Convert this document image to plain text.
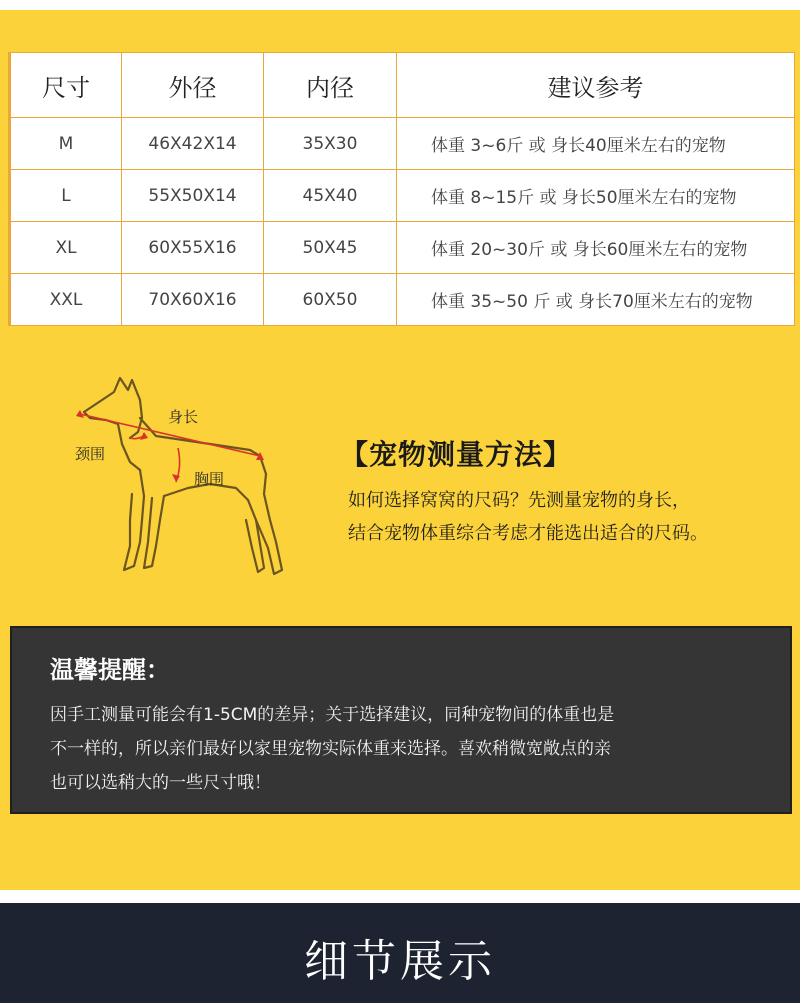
尺寸	外径	内径	建议参考
M	46X42X14	35X30	体重 3~6斤 或 身长40厘米左右的宠物
L	55X50X14	45X40	体重 8~15斤 或 身长50厘米左右的宠物
XL	60X55X16	50X45	体重 20~30斤 或 身长60厘米左右的宠物
XXL	70X60X16	60X50	体重 35~50 斤 或 身长70厘米左右的宠物
身长
颈围
胸围
【宠物测量方法】
如何选择窝窝的尺码？先测量宠物的身长，
结合宠物体重综合考虑才能选出适合的尺码。
温馨提醒：
因手工测量可能会有1-5CM的差异；关于选择建议，同种宠物间的体重也是
不一样的，所以亲们最好以家里宠物实际体重来选择。喜欢稍微宽敞点的亲
也可以选稍大的一些尺寸哦！
细节展示
